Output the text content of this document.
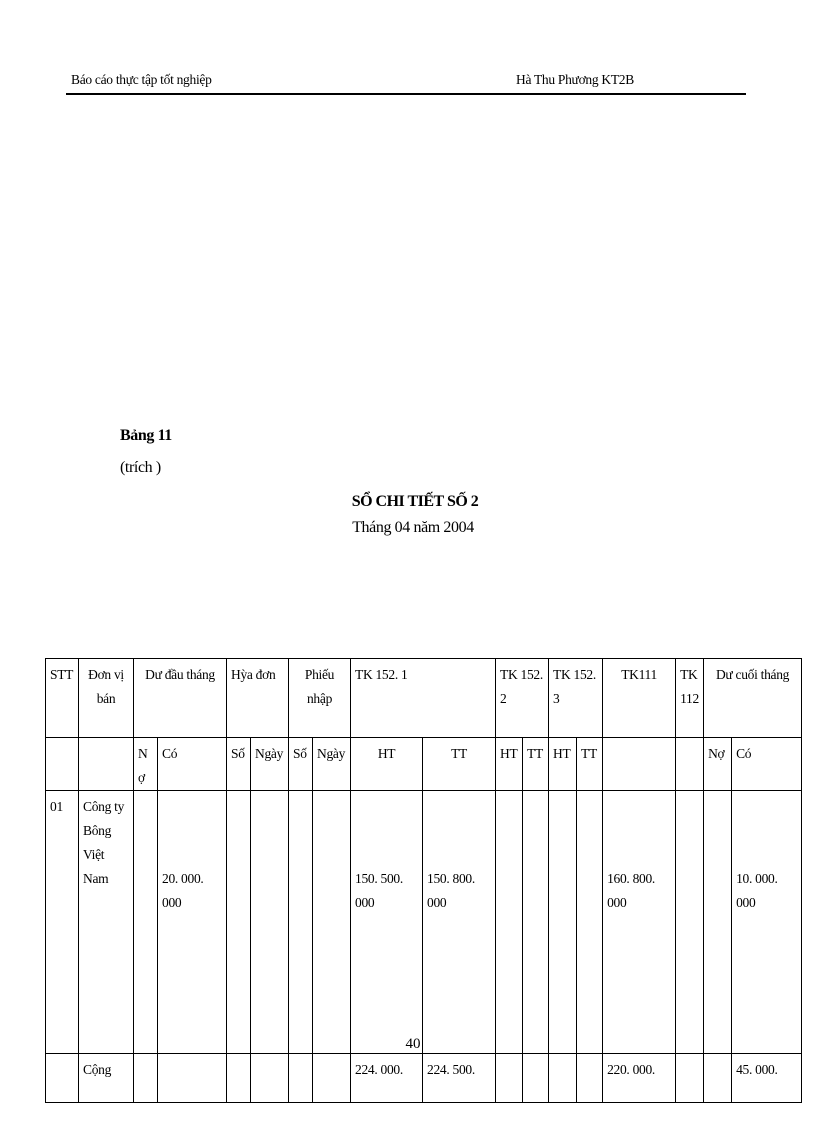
Báo cáo thực tập tốt nghiệp	Hà Thu Phương KT2B
Bảng 11
(trích )
SỔ CHI TIẾT SỐ 2
Tháng 04 năm 2004
STT	Đơn vị bán	Dư đầu tháng		Hỳa đơn		Phiếu nhập		TK 152. 1		TK 152. 2		TK 152. 3		TK111	TK 112	Dư cuối tháng	
		Nợ	Có	Số	Ngày	Số	Ngày	HT	TT	HT	TT	HT	TT			Nợ	Có
01	Công ty Bông Việt Nam		20. 000. 000					150. 500. 000	150. 800. 000					160. 800. 000			10. 000. 000
	Cộng							224. 000.	224. 500.					220. 000.			45. 000.
40
